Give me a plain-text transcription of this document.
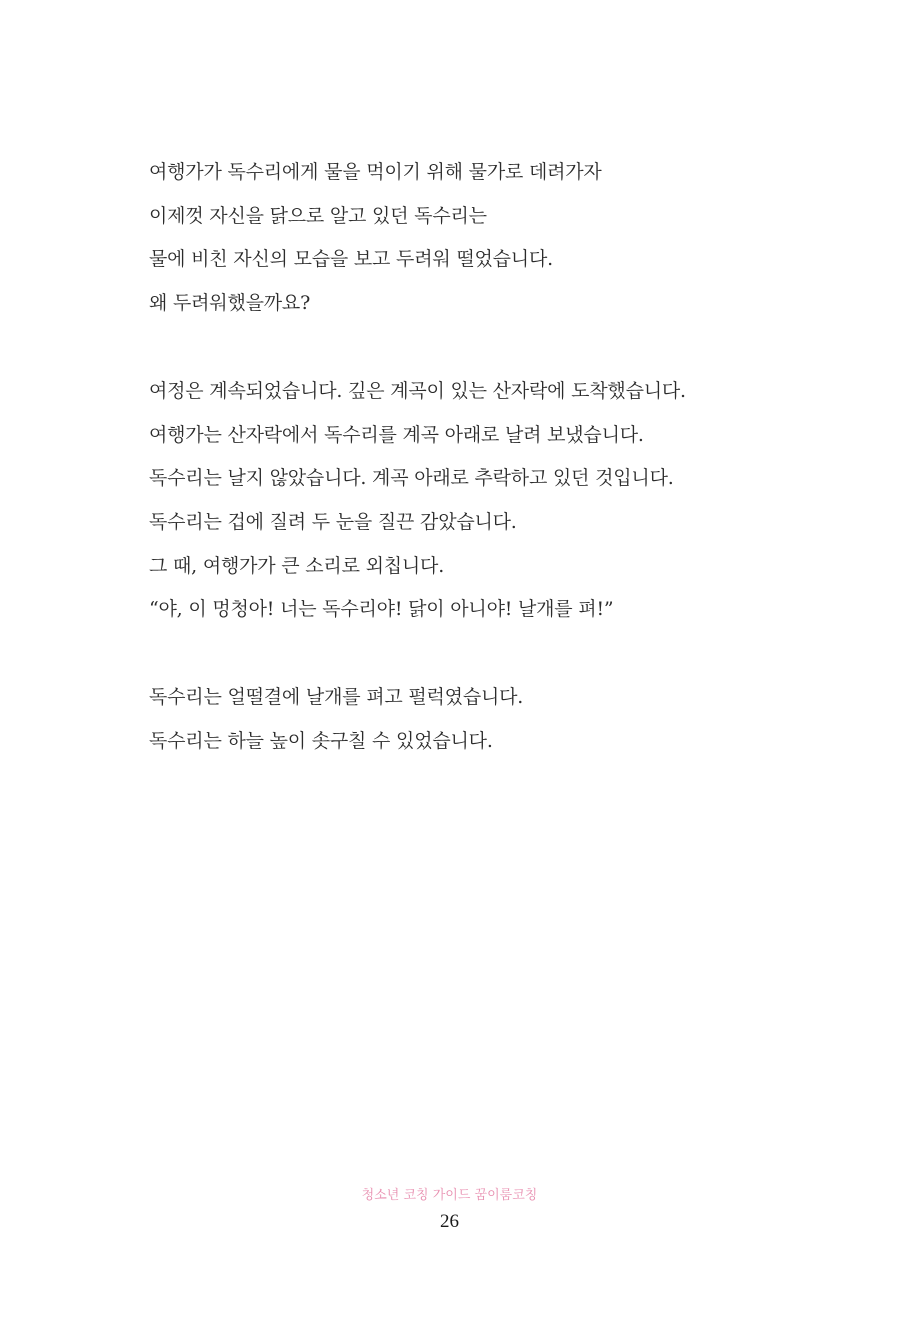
여행가가 독수리에게 물을 먹이기 위해 물가로 데려가자
이제껏 자신을 닭으로 알고 있던 독수리는
물에 비친 자신의 모습을 보고 두려워 떨었습니다.
왜 두려워했을까요?
여정은 계속되었습니다. 깊은 계곡이 있는 산자락에 도착했습니다.
여행가는 산자락에서 독수리를 계곡 아래로 날려 보냈습니다.
독수리는 날지 않았습니다. 계곡 아래로 추락하고 있던 것입니다.
독수리는 겁에 질려 두 눈을 질끈 감았습니다.
그 때, 여행가가 큰 소리로 외칩니다.
“야, 이 멍청아! 너는 독수리야! 닭이 아니야! 날개를 펴!”
독수리는 얼떨결에 날개를 펴고 펄럭였습니다.
독수리는 하늘 높이 솟구칠 수 있었습니다.
청소년 코칭 가이드 꿈이룸코칭
26
